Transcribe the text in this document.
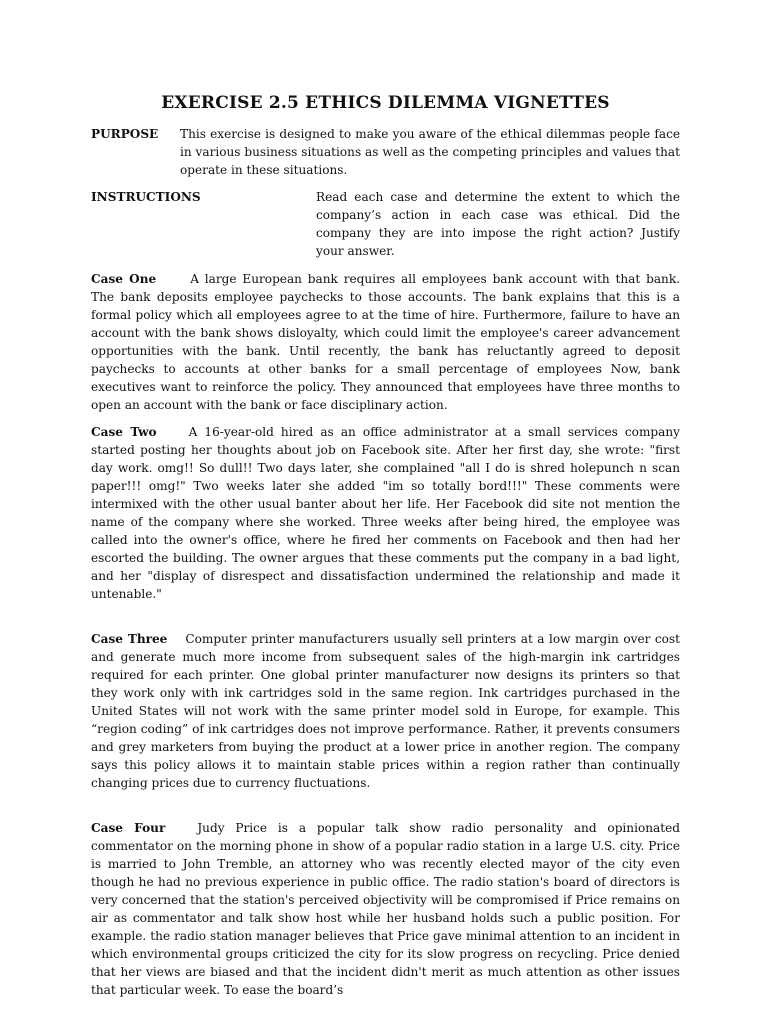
EXERCISE 2.5 ETHICS DILEMMA VIGNETTES
PURPOSE	This exercise is designed to make you aware of the ethical dilemmas people face in various business situations as well as the competing principles and values that operate in these situations.
INSTRUCTIONS	Read each case and determine the extent to which the company’s action in each case was ethical. Did the company they are into impose the right action? Justify your answer.

Case One	A large European bank requires all employees bank account with that bank. The bank deposits employee paychecks to those accounts. The bank explains that this is a formal policy which all employees agree to at the time of hire. Furthermore, failure to have an account with the bank shows disloyalty, which could limit the employee's career advancement opportunities with the bank. Until recently, the bank has reluctantly agreed to deposit paychecks to accounts at other banks for a small percentage of employees Now, bank executives want to reinforce the policy. They announced that employees have three months to open an account with the bank or face disciplinary action.

Case Two	A 16-year-old hired as an office administrator at a small services company started posting her thoughts about job on Facebook site. After her first day, she wrote: "first day work. omg!! So dull!! Two days later, she complained "all I do is shred holepunch n scan paper!!! omg!" Two weeks later she added "im so totally bord!!!" These comments were intermixed with the other usual banter about her life. Her Facebook did site not mention the name of the company where she worked. Three weeks after being hired, the employee was called into the owner's office, where he fired her comments on Facebook and then had her escorted the building. The owner argues that these comments put the company in a bad light, and her "display of disrespect and dissatisfaction undermined the relationship and made it untenable."

Case Three Computer printer manufacturers usually sell printers at a low margin over cost and generate much more income from subsequent sales of the high-margin ink cartridges required for each printer. One global printer manufacturer now designs its printers so that they work only with ink cartridges sold in the same region. Ink cartridges purchased in the United States will not work with the same printer model sold in Europe, for example. This “region coding” of ink cartridges does not improve performance. Rather, it prevents consumers and grey marketers from buying the product at a lower price in another region. The company says this policy allows it to maintain stable prices within a region rather than continually changing prices due to currency fluctuations.

Case Four	Judy Price is a popular talk show radio personality and opinionated commentator on the morning phone in show of a popular radio station in a large U.S. city. Price is married to John Tremble, an attorney who was recently elected mayor of the city even though he had no previous experience in public office. The radio station's board of directors is very concerned that the station's perceived objectivity will be compromised if Price remains on air as commentator and talk show host while her husband holds such a public position. For example. the radio station manager believes that Price gave minimal attention to an incident in which environmental groups criticized the city for its slow progress on recycling. Price denied that her views are biased and that the incident didn't merit as much attention as other issues that particular week. To ease the board’s
